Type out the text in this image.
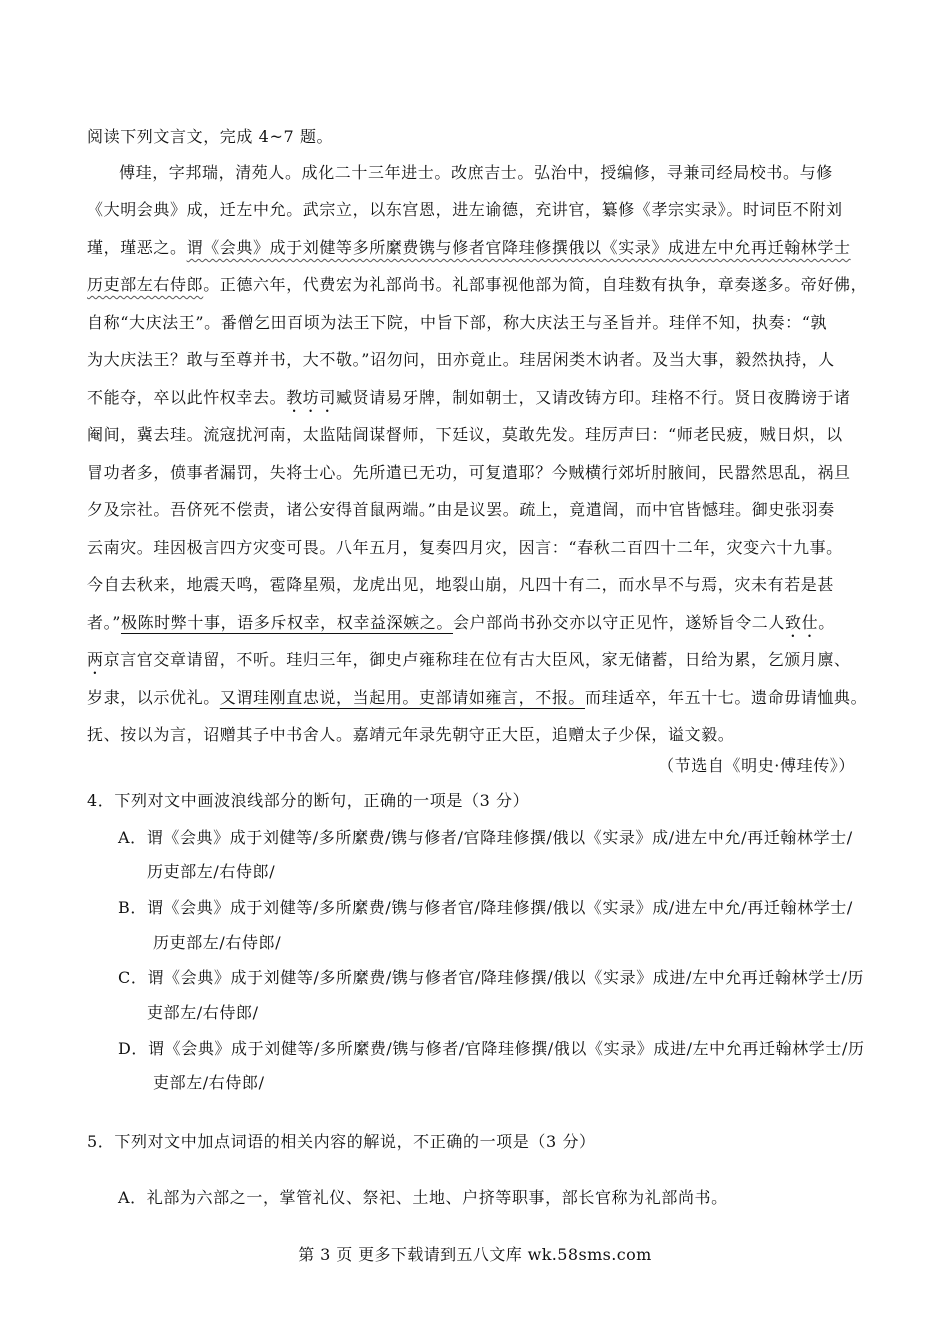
阅读下列文言文，完成 4~7 题。
傅珪，字邦瑞，清苑人。成化二十三年进士。改庶吉士。弘治中，授编修，寻兼司经局校书。与修
《大明会典》成，迁左中允。武宗立，以东宫恩，进左谕德，充讲官，纂修《孝宗实录》。时词臣不附刘
瑾，瑾恶之。谓《会典》成于刘健等多所縻费镌与修者官降珪修撰俄以《实录》成进左中允再迁翰林学士
历吏部左右侍郎。正德六年，代费宏为礼部尚书。礼部事视他部为简，自珪数有执争，章奏遂多。帝好佛，
自称“大庆法王”。番僧乞田百顷为法王下院，中旨下部，称大庆法王与圣旨并。珪佯不知，执奏：“孰
为大庆法王？敢与至尊并书，大不敬。”诏勿问，田亦竟止。珪居闲类木讷者。及当大事，毅然执持，人
不能夺，卒以此忤权幸去。教坊司臧贤请易牙牌，制如朝士，又请改铸方印。珪格不行。贤日夜腾谤于诸
阉间，冀去珪。流寇扰河南，太监陆訚谋督师，下廷议，莫敢先发。珪厉声曰：“师老民疲，贼日炽，以
冒功者多，偾事者漏罚，失将士心。先所遣已无功，可复遣耶？今贼横行郊圻肘腋间，民嚣然思乱，祸旦
夕及宗社。吾侪死不偿责，诸公安得首鼠两端。”由是议罢。疏上，竟遣訚，而中官皆憾珪。御史张羽奏
云南灾。珪因极言四方灾变可畏。八年五月，复奏四月灾，因言：“春秋二百四十二年，灾变六十九事。
今自去秋来，地震天鸣，雹降星殒，龙虎出见，地裂山崩，凡四十有二，而水旱不与焉，灾未有若是甚
者。”极陈时弊十事，语多斥权幸，权幸益深嫉之。会户部尚书孙交亦以守正见忤，遂矫旨令二人致仕。
两京言官交章请留，不听。珪归三年，御史卢雍称珪在位有古大臣风，家无储蓄，日给为累，乞颁月廪、
岁隶，以示优礼。又谓珪刚直忠说，当起用。吏部请如雍言，不报。而珪适卒，年五十七。遗命毋请恤典。
抚、按以为言，诏赠其子中书舍人。嘉靖元年录先朝守正大臣，追赠太子少保，谥文毅。
（节选自《明史·傅珪传》）
4．下列对文中画波浪线部分的断句，正确的一项是（3 分）
A．谓《会典》成于刘健等/多所縻费/镌与修者/官降珪修撰/俄以《实录》成/进左中允/再迁翰林学士/
历吏部左/右侍郎/
B．谓《会典》成于刘健等/多所縻费/镌与修者官/降珪修撰/俄以《实录》成/进左中允/再迁翰林学士/
历吏部左/右侍郎/
C．谓《会典》成于刘健等/多所縻费/镌与修者官/降珪修撰/俄以《实录》成进/左中允再迁翰林学士/历
吏部左/右侍郎/
D．谓《会典》成于刘健等/多所縻费/镌与修者/官降珪修撰/俄以《实录》成进/左中允再迁翰林学士/历
吏部左/右侍郎/
5．下列对文中加点词语的相关内容的解说，不正确的一项是（3 分）
A．礼部为六部之一，掌管礼仪、祭祀、土地、户挤等职事，部长官称为礼部尚书。
第 3 页 更多下载请到五八文库 wk.58sms.com
